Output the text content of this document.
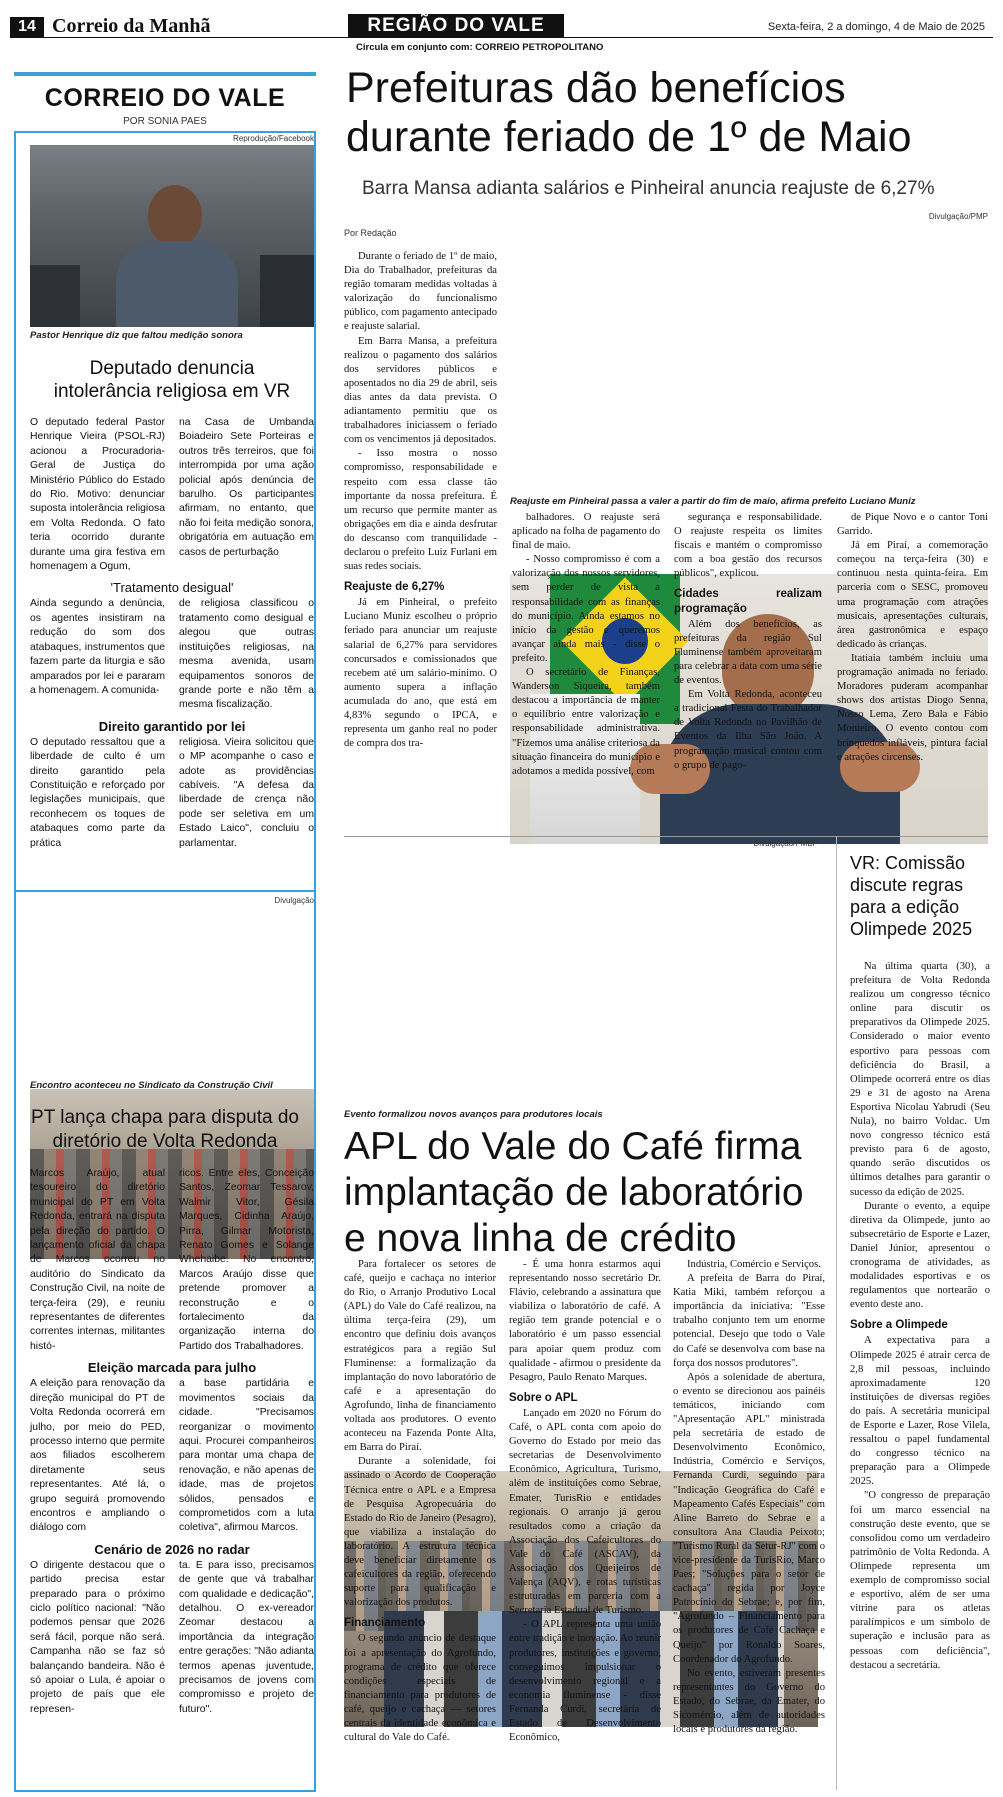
14 Correio da Manhã	REGIÃO DO VALE	Sexta-feira, 2 a domingo, 4 de Maio de 2025
Circula em conjunto com: CORREIO PETROPOLITANO
CORREIO DO VALE
POR SONIA PAES
Reprodução/Facebook
Pastor Henrique diz que faltou medição sonora
Deputado denuncia intolerância religiosa em VR
O deputado federal Pastor Henrique Vieira (PSOL-RJ) acionou a Procuradoria-Geral de Justiça do Ministério Público do Estado do Rio. Motivo: denunciar suposta intolerância religiosa em Volta Redonda. O fato teria ocorrido durante durante uma gira festiva em homenagem a Ogum,
na Casa de Umbanda Boiadeiro Sete Porteiras e outros três terreiros, que foi interrompida por uma ação policial após denúncia de barulho. Os participantes afirmam, no entanto, que não foi feita medição sonora, obrigatória em autuação em casos de perturbação
'Tratamento desigual'
Ainda segundo a denúncia, os agentes insistiram na redução do som dos atabaques, instrumentos que fazem parte da liturgia e são amparados por lei e pararam a homenagem. A comunida-
de religiosa classificou o tratamento como desigual e alegou que outras instituições religiosas, na mesma avenida, usam equipamentos sonoros de grande porte e não têm a mesma fiscalização.
Direito garantido por lei
O deputado ressaltou que a liberdade de culto é um direito garantido pela Constituição e reforçado por legislações municipais, que reconhecem os toques de atabaques como parte da prática
religiosa. Vieira solicitou que o MP acompanhe o caso e adote as providências cabíveis. "A defesa da liberdade de crença não pode ser seletiva em um Estado Laico", concluiu o parlamentar.
Divulgação
Encontro aconteceu no Sindicato da Construção Civil
PT lança chapa para disputa do diretório de Volta Redonda
Marcos Araújo, atual tesoureiro do diretório municipal do PT em Volta Redonda, entrará na disputa pela direção do partido. O lançamento oficial da chapa de Marcos ocorreu no auditório do Sindicato da Construção Civil, na noite de terça-feira (29), e reuniu representantes de diferentes correntes internas, militantes histó-
ricos. Entre eles, Conceição Santos, Zeomar Tessarov, Walmir Vitor, Gésila Marques, Cidinha Araújo, Pirra, Gilmar Motorista, Renato Gomes e Solange Whehaibe. No encontro, Marcos Araújo disse que pretende promover a reconstrução e o fortalecimento da organização interna do Partido dos Trabalhadores.
Eleição marcada para julho
A eleição para renovação da direção municipal do PT de Volta Redonda ocorrerá em julho, por meio do PED, processo interno que permite aos filiados escolherem diretamente seus representantes. Até lá, o grupo seguirá promovendo encontros e ampliando o diálogo com
a base partidária e movimentos sociais da cidade. "Precisamos reorganizar o movimento aqui. Procurei companheiros para montar uma chapa de renovação, e não apenas de idade, mas de projetos sólidos, pensados e comprometidos com a luta coletiva", afirmou Marcos.
Cenário de 2026 no radar
O dirigente destacou que o partido precisa estar preparado para o próximo ciclo político nacional: "Não podemos pensar que 2026 será fácil, porque não será. Campanha não se faz só balançando bandeira. Não é só apoiar o Lula, é apoiar o projeto de país que ele represen-
ta. E para isso, precisamos de gente que vá trabalhar com qualidade e dedicação", detalhou. O ex-vereador Zeomar destacou a importância da integração entre gerações: "Não adianta termos apenas juventude, precisamos de jovens com compromisso e projeto de futuro".
Prefeituras dão benefícios durante feriado de 1º de Maio
Barra Mansa adianta salários e Pinheiral anuncia reajuste de 6,27%
Por Redação
Divulgação/PMP
Reajuste em Pinheiral passa a valer a partir do fim de maio, afirma prefeito Luciano Muniz

Durante o feriado de 1º de maio, Dia do Trabalhador, prefeituras da região tomaram medidas voltadas à valorização do funcionalismo público, com pagamento antecipado e reajuste salarial.

Em Barra Mansa, a prefeitura realizou o pagamento dos salários dos servidores públicos e aposentados no dia 29 de abril, seis dias antes da data prevista. O adiantamento permitiu que os trabalhadores iniciassem o feriado com os vencimentos já depositados.

- Isso mostra o nosso compromisso, responsabilidade e respeito com essa classe tão importante da nossa prefeitura. É um recurso que permite manter as obrigações em dia e ainda desfrutar do descanso com tranquilidade - declarou o prefeito Luiz Furlani em suas redes sociais.

Reajuste de 6,27%

Já em Pinheiral, o prefeito Luciano Muniz escolheu o próprio feriado para anunciar um reajuste salarial de 6,27% para servidores concursados e comissionados que recebem até um salário-mínimo. O aumento supera a inflação acumulada do ano, que está em 4,83% segundo o IPCA, e representa um ganho real no poder de compra dos tra-

balhadores. O reajuste será aplicado na folha de pagamento do final de maio.

- Nosso compromisso é com a valorização dos nossos servidores, sem perder de vista a responsabilidade com as finanças do município. Ainda estamos no início da gestão e queremos avançar ainda mais - disse o prefeito.

O secretário de Finanças, Wanderson Siqueira, também destacou a importância de manter o equilíbrio entre valorização e responsabilidade administrativa. "Fizemos uma análise criteriosa da situação financeira do município e adotamos a medida possível, com

segurança e responsabilidade. O reajuste respeita os limites fiscais e mantém o compromisso com a boa gestão dos recursos públicos", explicou.

Cidades realizam programação

Além dos benefícios, as prefeituras da região Sul Fluminense também aproveitaram para celebrar a data com uma série de eventos.

Em Volta Redonda, aconteceu a tradicional Festa do Trabalhador de Volta Redonda no Pavilhão de Eventos da Ilha São João. A programação musical contou com o grupo de pago-

de Pique Novo e o cantor Toni Garrido.

Já em Piraí, a comemoração começou na terça-feira (30) e continuou nesta quinta-feira. Em parceria com o SESC, promoveu uma programação com atrações musicais, apresentações culturais, área gastronômica e espaço dedicado às crianças.

Itatiaia também incluiu uma programação animada no feriado. Moradores puderam acompanhar shows dos artistas Diogo Senna, Nosso Lema, Zero Bala e Fábio Monteiro. O evento contou com brinquedos infláveis, pintura facial e atrações circenses.

Divulgação/PMBP
Evento formalizou novos avanços para produtores locais
APL do Vale do Café firma implantação de laboratório e nova linha de crédito

Para fortalecer os setores de café, queijo e cachaça no interior do Rio, o Arranjo Produtivo Local (APL) do Vale do Café realizou, na última terça-feira (29), um encontro que definiu dois avanços estratégicos para a região Sul Fluminense: a formalização da implantação do novo laboratório de café e a apresentação do Agrofundo, linha de financiamento voltada aos produtores. O evento aconteceu na Fazenda Ponte Alta, em Barra do Piraí.

Durante a solenidade, foi assinado o Acordo de Cooperação Técnica entre o APL e a Empresa de Pesquisa Agropecuária do Estado do Rio de Janeiro (Pesagro), que viabiliza a instalação do laboratório. A estrutura técnica deve beneficiar diretamente os cafeicultores da região, oferecendo suporte para qualificação e valorização dos produtos.

Financiamento

O segundo anúncio de destaque foi a apresentação do Agrofundo, programa de crédito que oferece condições especiais de financiamento para produtores de café, queijo e cachaça — setores centrais da identidade econômica e cultural do Vale do Café.

- É uma honra estarmos aqui representando nosso secretário Dr. Flávio, celebrando a assinatura que viabiliza o laboratório de café. A região tem grande potencial e o laboratório é um passo essencial para apoiar quem produz com qualidade - afirmou o presidente da Pesagro, Paulo Renato Marques.

Sobre o APL

Lançado em 2020 no Fórum do Café, o APL conta com apoio do Governo do Estado por meio das secretarias de Desenvolvimento Econômico, Agricultura, Turismo, além de instituições como Sebrae, Emater, TurisRio e entidades regionais. O arranjo já gerou resultados como a criação da Associação dos Cafeicultores do Vale do Café (ASCAV), da Associação dos Queijeiros de Valença (AQV), e rotas turísticas estruturadas em parceria com a Secretaria Estadual de Turismo.

- O APL representa uma união entre tradição e inovação. Ao reunir produtores, instituições e governo, conseguimos impulsionar o desenvolvimento regional e a economia fluminense - disse Fernanda Curdi, secretária de Estado de Desenvolvimento Econômico,

Indústria, Comércio e Serviços.

A prefeita de Barra do Piraí, Katia Miki, também reforçou a importância da iniciativa: "Esse trabalho conjunto tem um enorme potencial. Desejo que todo o Vale do Café se desenvolva com base na força dos nossos produtores".

Após a solenidade de abertura, o evento se direcionou aos painéis temáticos, iniciando com "Apresentação APL" ministrada pela secretária de estado de Desenvolvimento Econômico, Indústria, Comércio e Serviços, Fernanda Curdi, seguindo para "Indicação Geográfica do Café e Mapeamento Cafés Especiais" com Aline Barreto do Sebrae e a consultora Ana Claudia Peixoto; "Turismo Rural da Setur-RJ" com o vice-presidente da TurisRio, Marco Paes; "Soluções para o setor de cachaça" regida por Joyce Patrocínio do Sebrae; e, por fim, "Agrofundo – Financiamento para os produtores de Café Cachaça e Queijo" por Ronaldo Soares, Coordenador do Agrofundo.

No evento, estiveram presentes representantes do Governo do Estado, do Sebrae, da Emater, do Sicomércio, além de autoridades locais e produtores da região.

VR: Comissão discute regras para a edição Olimpede 2025

Na última quarta (30), a prefeitura de Volta Redonda realizou um congresso técnico online para discutir os preparativos da Olimpede 2025. Considerado o maior evento esportivo para pessoas com deficiência do Brasil, a Olimpede ocorrerá entre os dias 29 e 31 de agosto na Arena Esportiva Nicolau Yabrudi (Seu Nula), no bairro Voldac. Um novo congresso técnico está previsto para 6 de agosto, quando serão discutidos os últimos detalhes para garantir o sucesso da edição de 2025.

Durante o evento, a equipe diretiva da Olimpede, junto ao subsecretário de Esporte e Lazer, Daniel Júnior, apresentou o cronograma de atividades, as modalidades esportivas e os regulamentos que nortearão o evento deste ano.

Sobre a Olimpede

A expectativa para a Olimpede 2025 é atrair cerca de 2,8 mil pessoas, incluindo aproximadamente 120 instituições de diversas regiões do país. A secretária municipal de Esporte e Lazer, Rose Vilela, ressaltou o papel fundamental do congresso técnico na preparação para a Olimpede 2025.

"O congresso de preparação foi um marco essencial na construção deste evento, que se consolidou como um verdadeiro patrimônio de Volta Redonda. A Olimpede representa um exemplo de compromisso social e esportivo, além de ser uma vitrine para os atletas paralímpicos e um símbolo de superação e inclusão para as pessoas com deficiência", destacou a secretária.
